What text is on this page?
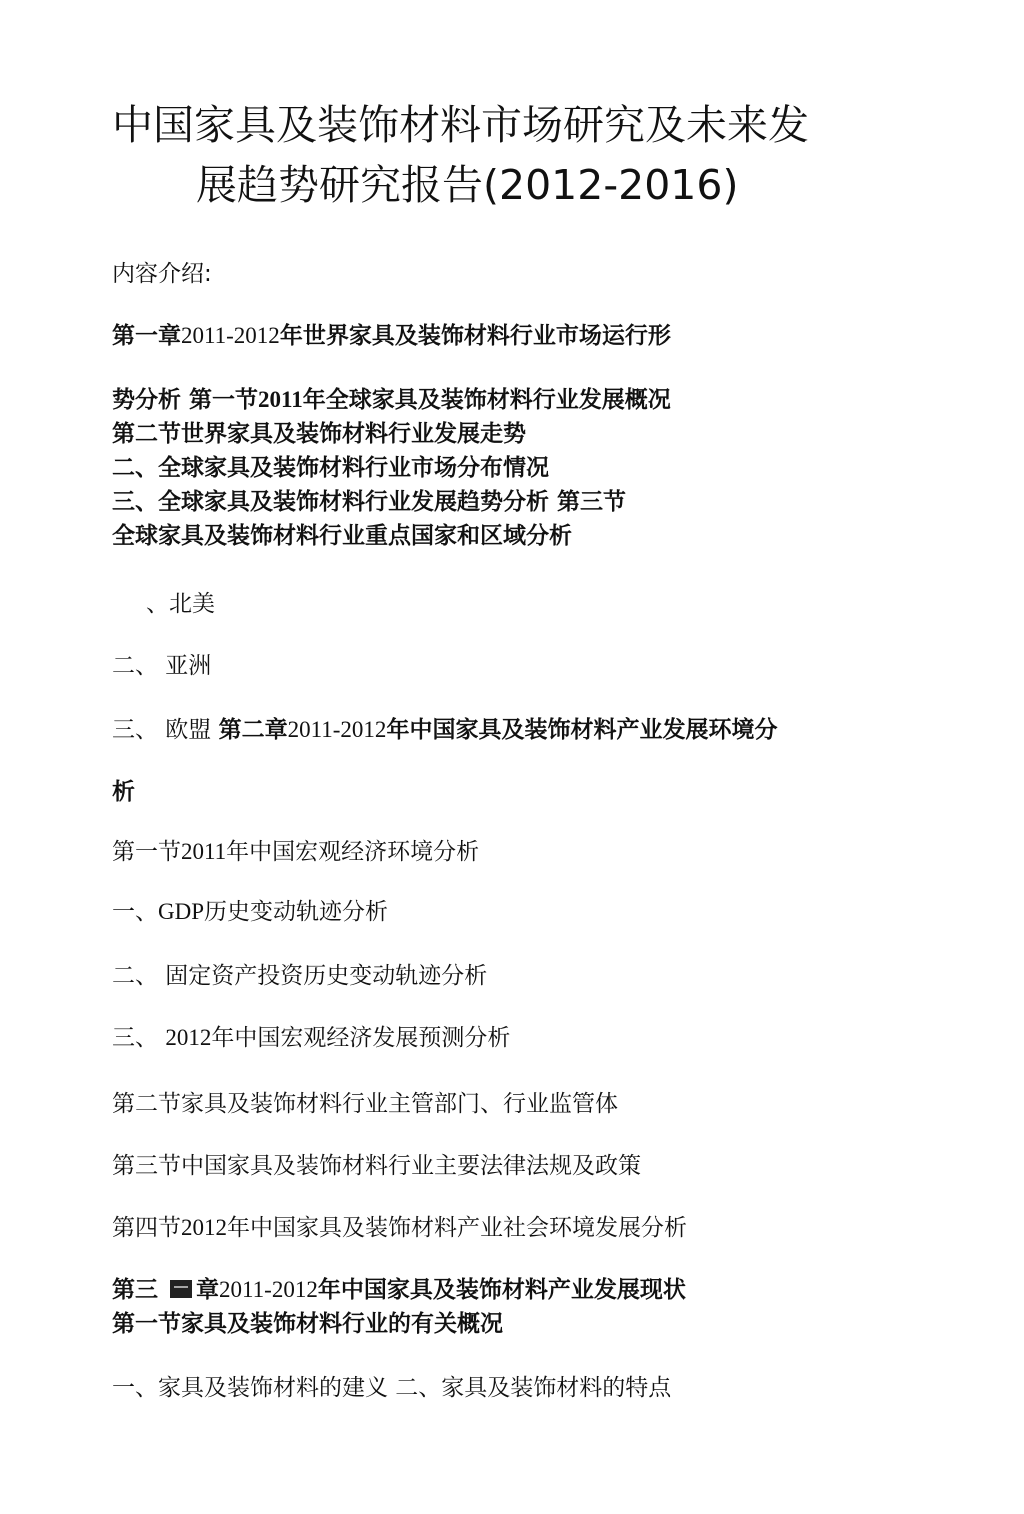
中国家具及装饰材料市场研究及未来发
展趋势研究报告(2012-2016)
内容介绍:
第一章2011-2012年世界家具及装饰材料行业市场运行形
势分析 第一节2011年全球家具及装饰材料行业发展概况
第二节世界家具及装饰材料行业发展走势
二、全球家具及装饰材料行业市场分布情况
三、全球家具及装饰材料行业发展趋势分析 第三节
全球家具及装饰材料行业重点国家和区域分析
、北美
二、 亚洲
三、 欧盟 第二章2011-2012年中国家具及装饰材料产业发展环境分
析
第一节2011年中国宏观经济环境分析
一、GDP历史变动轨迹分析
二、 固定资产投资历史变动轨迹分析
三、 2012年中国宏观经济发展预测分析
第二节家具及装饰材料行业主管部门、行业监管体
第三节中国家具及装饰材料行业主要法律法规及政策
第四节2012年中国家具及装饰材料产业社会环境发展分析
第三 章2011-2012年中国家具及装饰材料产业发展现状
第一节家具及装饰材料行业的有关概况
一、家具及装饰材料的建义 二、家具及装饰材料的特点
